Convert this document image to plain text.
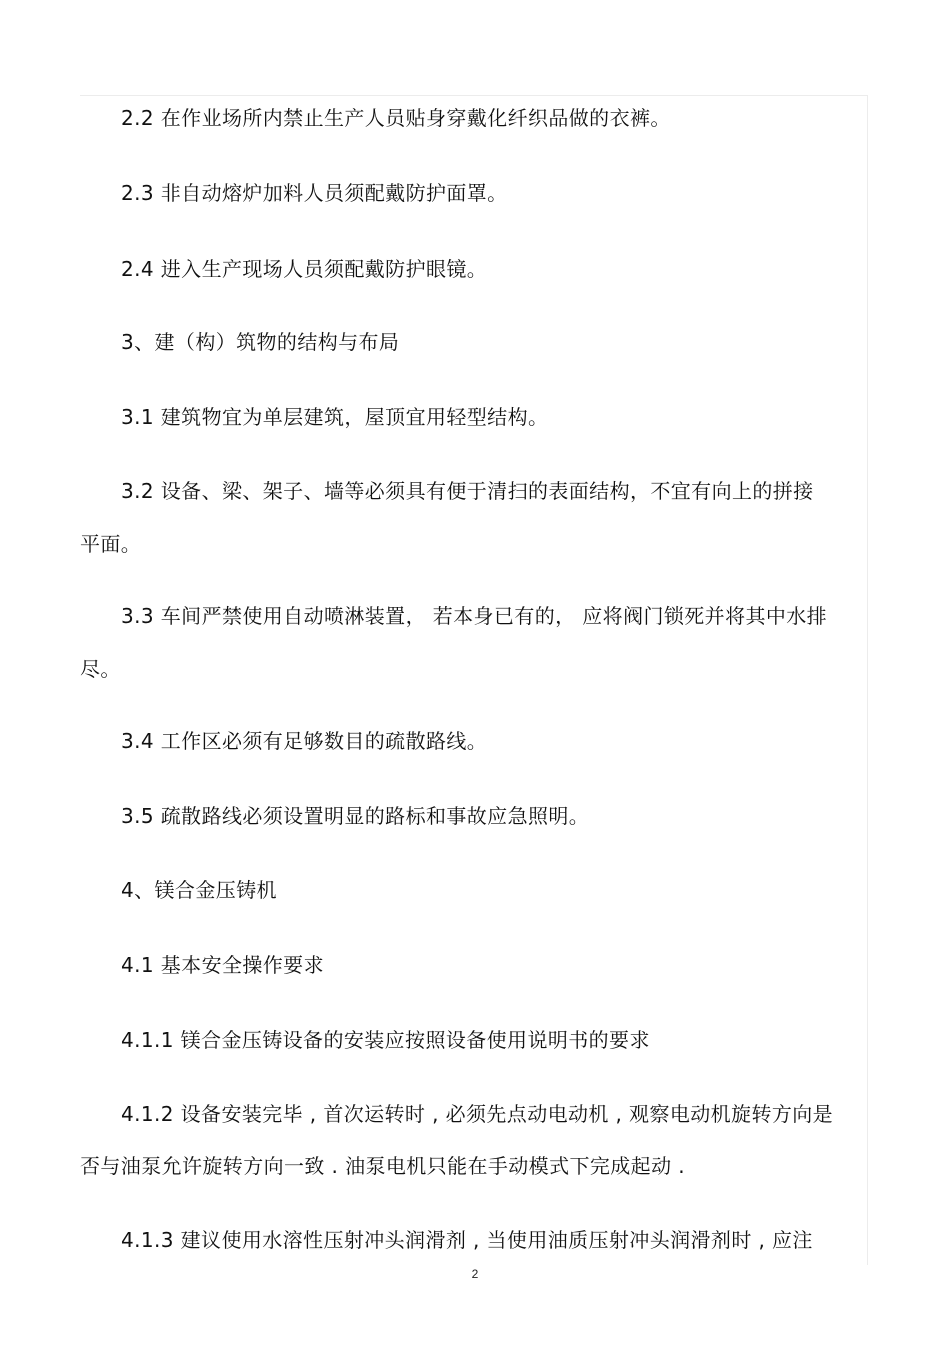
2.2 在作业场所内禁止生产人员贴身穿戴化纤织品做的衣裤。
2.3 非自动熔炉加料人员须配戴防护面罩。
2.4 进入生产现场人员须配戴防护眼镜。
3、建（构）筑物的结构与布局
3.1 建筑物宜为单层建筑，屋顶宜用轻型结构。
3.2 设备、梁、架子、墙等必须具有便于清扫的表面结构，不宜有向上的拼接
平面。
3.3 车间严禁使用自动喷淋装置， 若本身已有的， 应将阀门锁死并将其中水排
尽。
3.4 工作区必须有足够数目的疏散路线。
3.5 疏散路线必须设置明显的路标和事故应急照明。
4、镁合金压铸机
4.1 基本安全操作要求
4.1.1 镁合金压铸设备的安装应按照设备使用说明书的要求
4.1.2 设备安装完毕 , 首次运转时 , 必须先点动电动机 , 观察电动机旋转方向是
否与油泵允许旋转方向一致 . 油泵电机只能在手动模式下完成起动 .
4.1.3 建议使用水溶性压射冲头润滑剂 , 当使用油质压射冲头润滑剂时 , 应注
2
